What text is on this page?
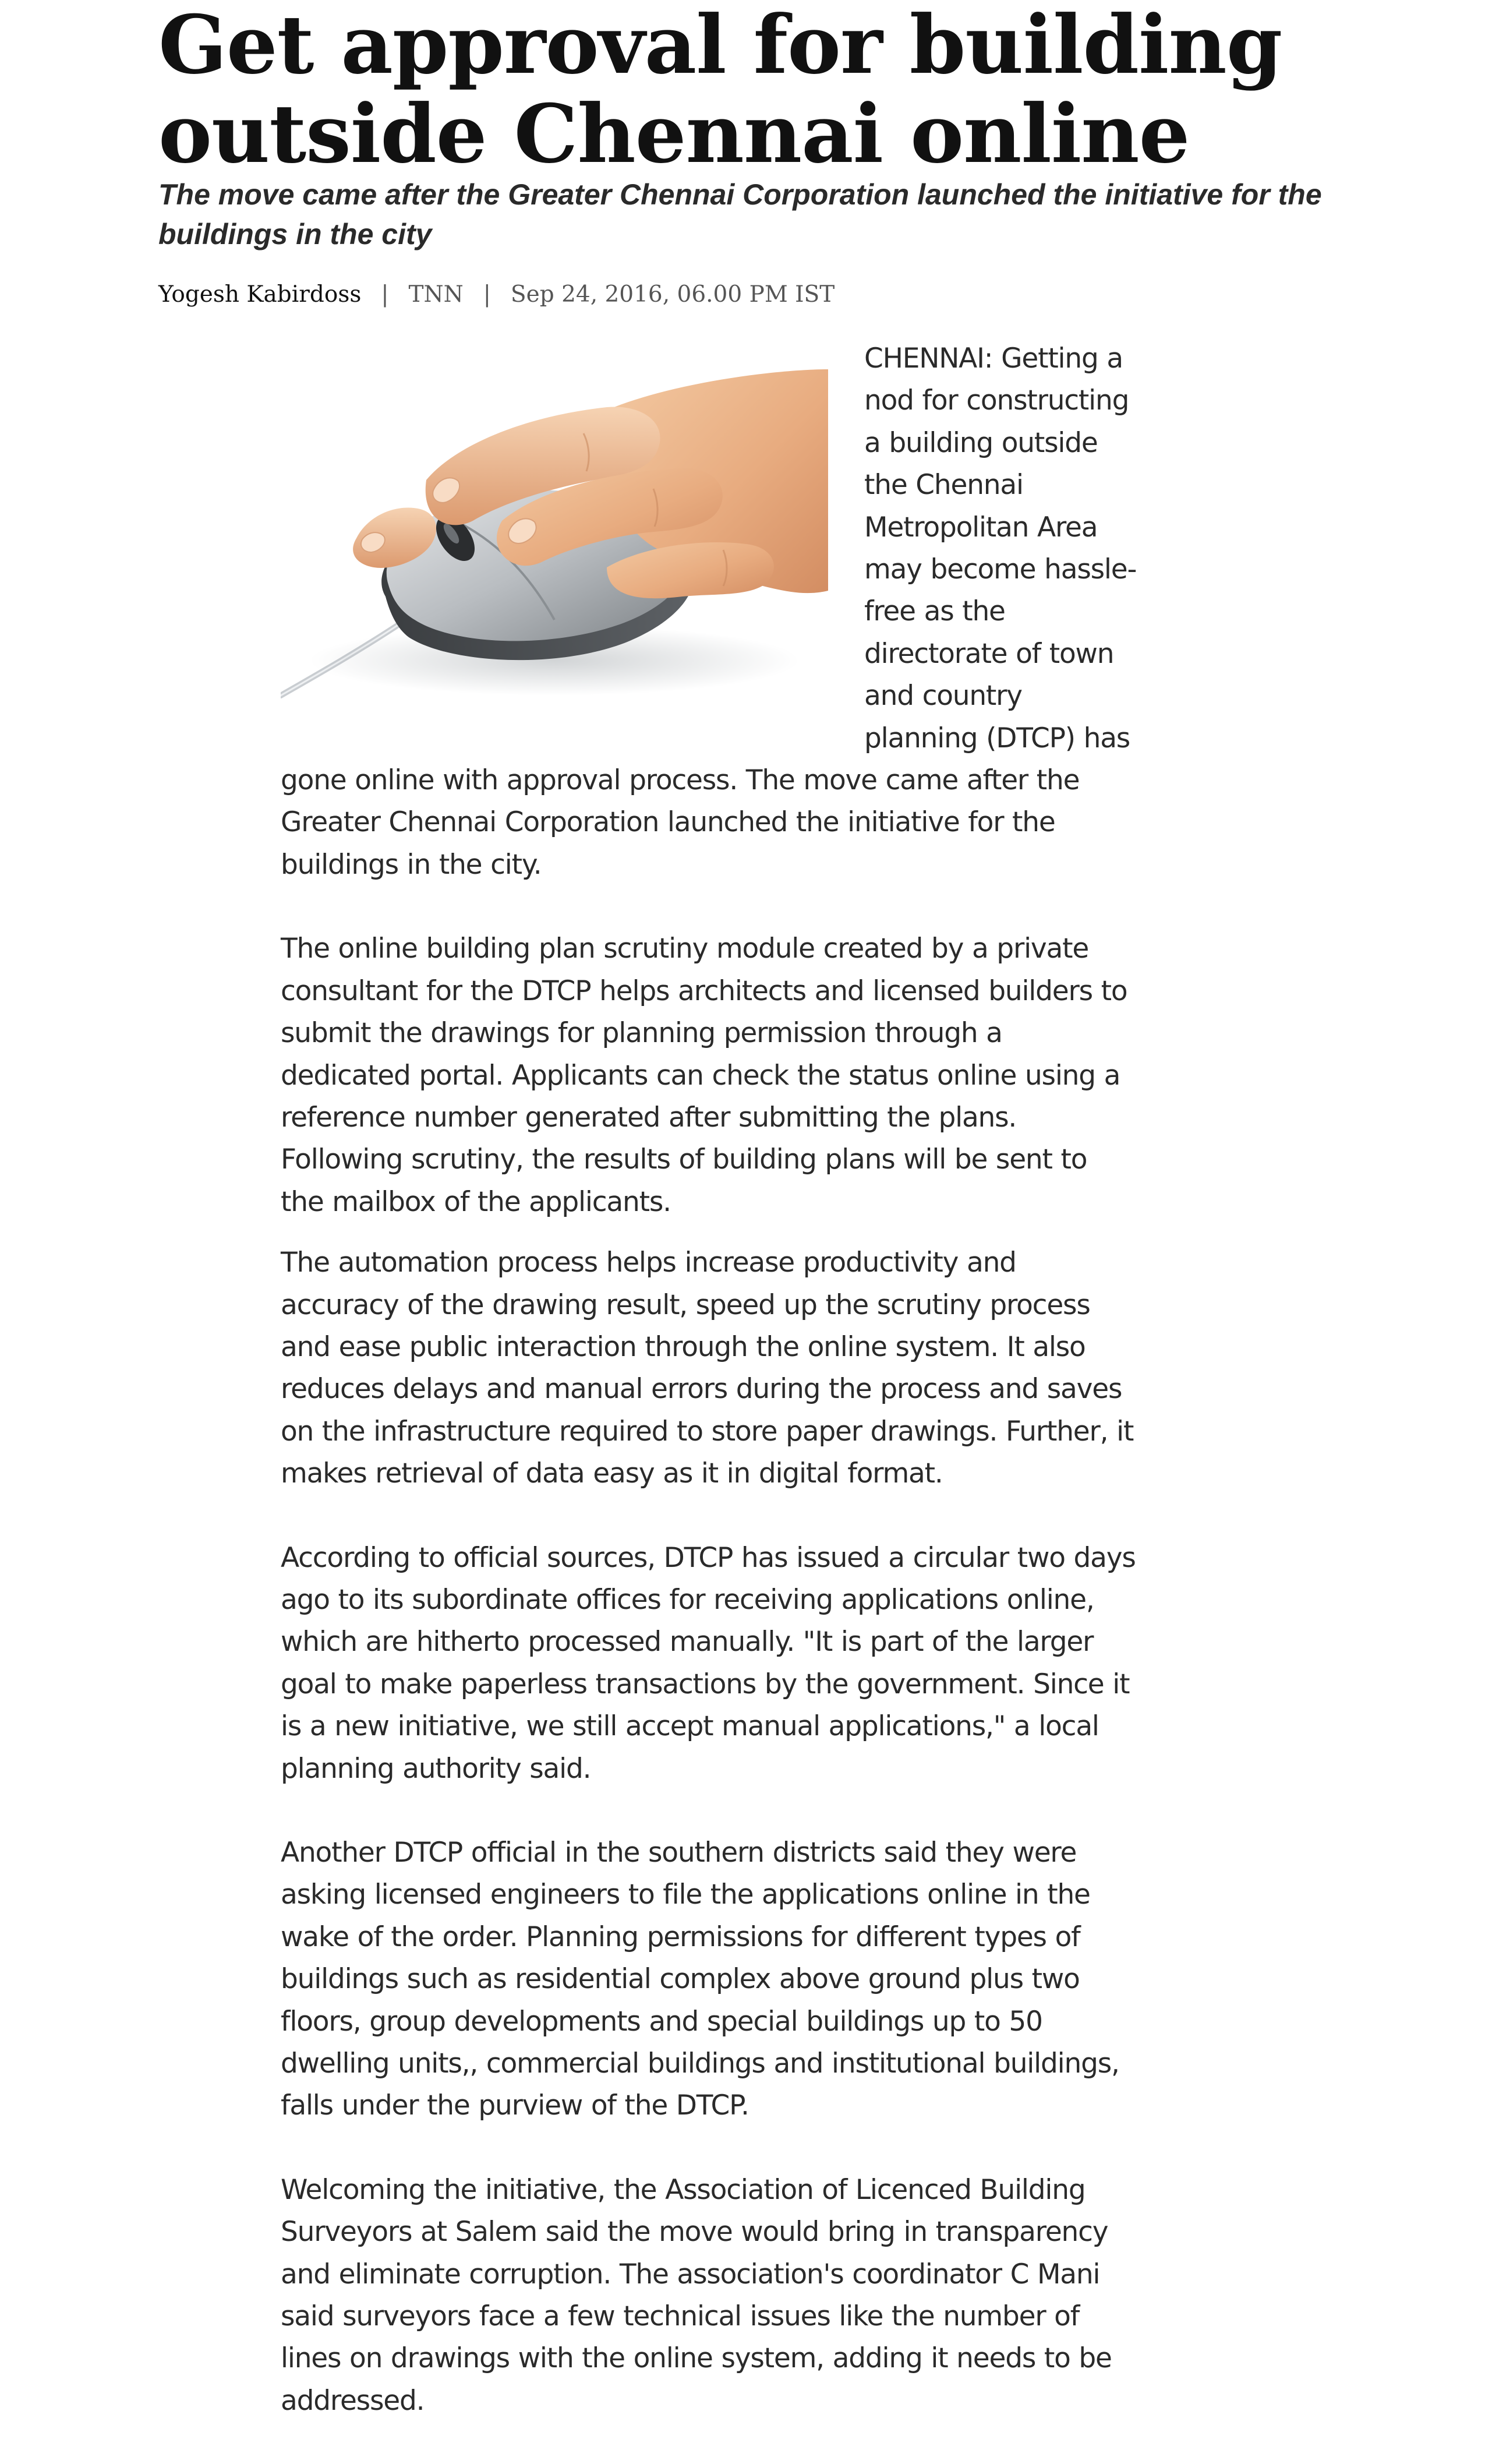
Get approval for building outside Chennai online

The move came after the Greater Chennai Corporation launched the initiative for the buildings in the city

Yogesh Kabirdoss | TNN | Sep 24, 2016, 06.00 PM IST

CHENNAI: Getting a nod for constructing a building outside the Chennai Metropolitan Area may become hassle-free as the directorate of town and country planning (DTCP) has gone online with approval process. The move came after the Greater Chennai Corporation launched the initiative for the buildings in the city.

The online building plan scrutiny module created by a private consultant for the DTCP helps architects and licensed builders to submit the drawings for planning permission through a dedicated portal. Applicants can check the status online using a reference number generated after submitting the plans. Following scrutiny, the results of building plans will be sent to the mailbox of the applicants.

The automation process helps increase productivity and accuracy of the drawing result, speed up the scrutiny process and ease public interaction through the online system. It also reduces delays and manual errors during the process and saves on the infrastructure required to store paper drawings. Further, it makes retrieval of data easy as it in digital format.

According to official sources, DTCP has issued a circular two days ago to its subordinate offices for receiving applications online, which are hitherto processed manually. "It is part of the larger goal to make paperless transactions by the government. Since it is a new initiative, we still accept manual applications," a local planning authority said.

Another DTCP official in the southern districts said they were asking licensed engineers to file the applications online in the wake of the order. Planning permissions for different types of buildings such as residential complex above ground plus two floors, group developments and special buildings up to 50 dwelling units,, commercial buildings and institutional buildings, falls under the purview of the DTCP.

Welcoming the initiative, the Association of Licenced Building Surveyors at Salem said the move would bring in transparency and eliminate corruption. The association's coordinator C Mani said surveyors face a few technical issues like the number of lines on drawings with the online system, adding it needs to be addressed.
